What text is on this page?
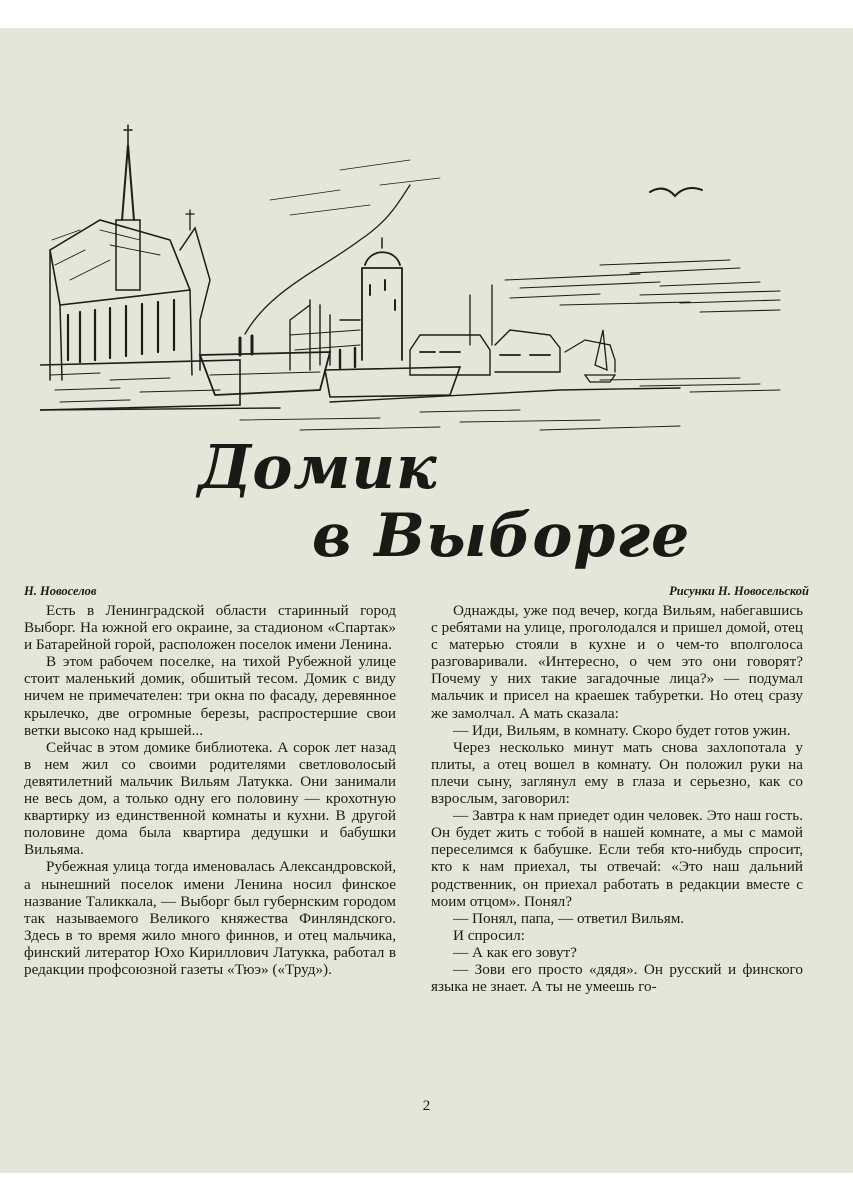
Домик
в Выборге
Н. Новоселов	Рисунки Н. Новосельской

Есть в Ленинградской области старинный город Выборг. На южной его окраине, за стадионом «Спартак» и Батарейной горой, расположен поселок имени Ленина.

В этом рабочем поселке, на тихой Рубежной улице стоит маленький домик, обшитый тесом. Домик с виду ничем не примечателен: три окна по фасаду, деревянное крылечко, две огромные березы, распростершие свои ветки высоко над крышей...

Сейчас в этом домике библиотека. А сорок лет назад в нем жил со своими родителями светловолосый девятилетний мальчик Вильям Латукка. Они занимали не весь дом, а только одну его половину — крохотную квартирку из единственной комнаты и кухни. В другой половине дома была квартира дедушки и бабушки Вильяма.

Рубежная улица тогда именовалась Александровской, а нынешний поселок имени Ленина носил финское название Таликкала, — Выборг был губернским городом так называемого Великого княжества Финляндского. Здесь в то время жило много финнов, и отец мальчика, финский литератор Юхо Кириллович Латукка, работал в редакции профсоюзной газеты «Тюэ» («Труд»).

Однажды, уже под вечер, когда Вильям, набегавшись с ребятами на улице, проголодался и пришел домой, отец с матерью стояли в кухне и о чем-то вполголоса разговаривали. «Интересно, о чем это они говорят? Почему у них такие загадочные лица?» — подумал мальчик и присел на краешек табуретки. Но отец сразу же замолчал. А мать сказала:

— Иди, Вильям, в комнату. Скоро будет готов ужин.

Через несколько минут мать снова захлопотала у плиты, а отец вошел в комнату. Он положил руки на плечи сыну, заглянул ему в глаза и серьезно, как со взрослым, заговорил:

— Завтра к нам приедет один человек. Это наш гость. Он будет жить с тобой в нашей комнате, а мы с мамой переселимся к бабушке. Если тебя кто-нибудь спросит, кто к нам приехал, ты отвечай: «Это наш дальний родственник, он приехал работать в редакции вместе с моим отцом». Понял?

— Понял, папа, — ответил Вильям.

И спросил:

— А как его зовут?

— Зови его просто «дядя». Он русский и финского языка не знает. А ты не умеешь го-

2
